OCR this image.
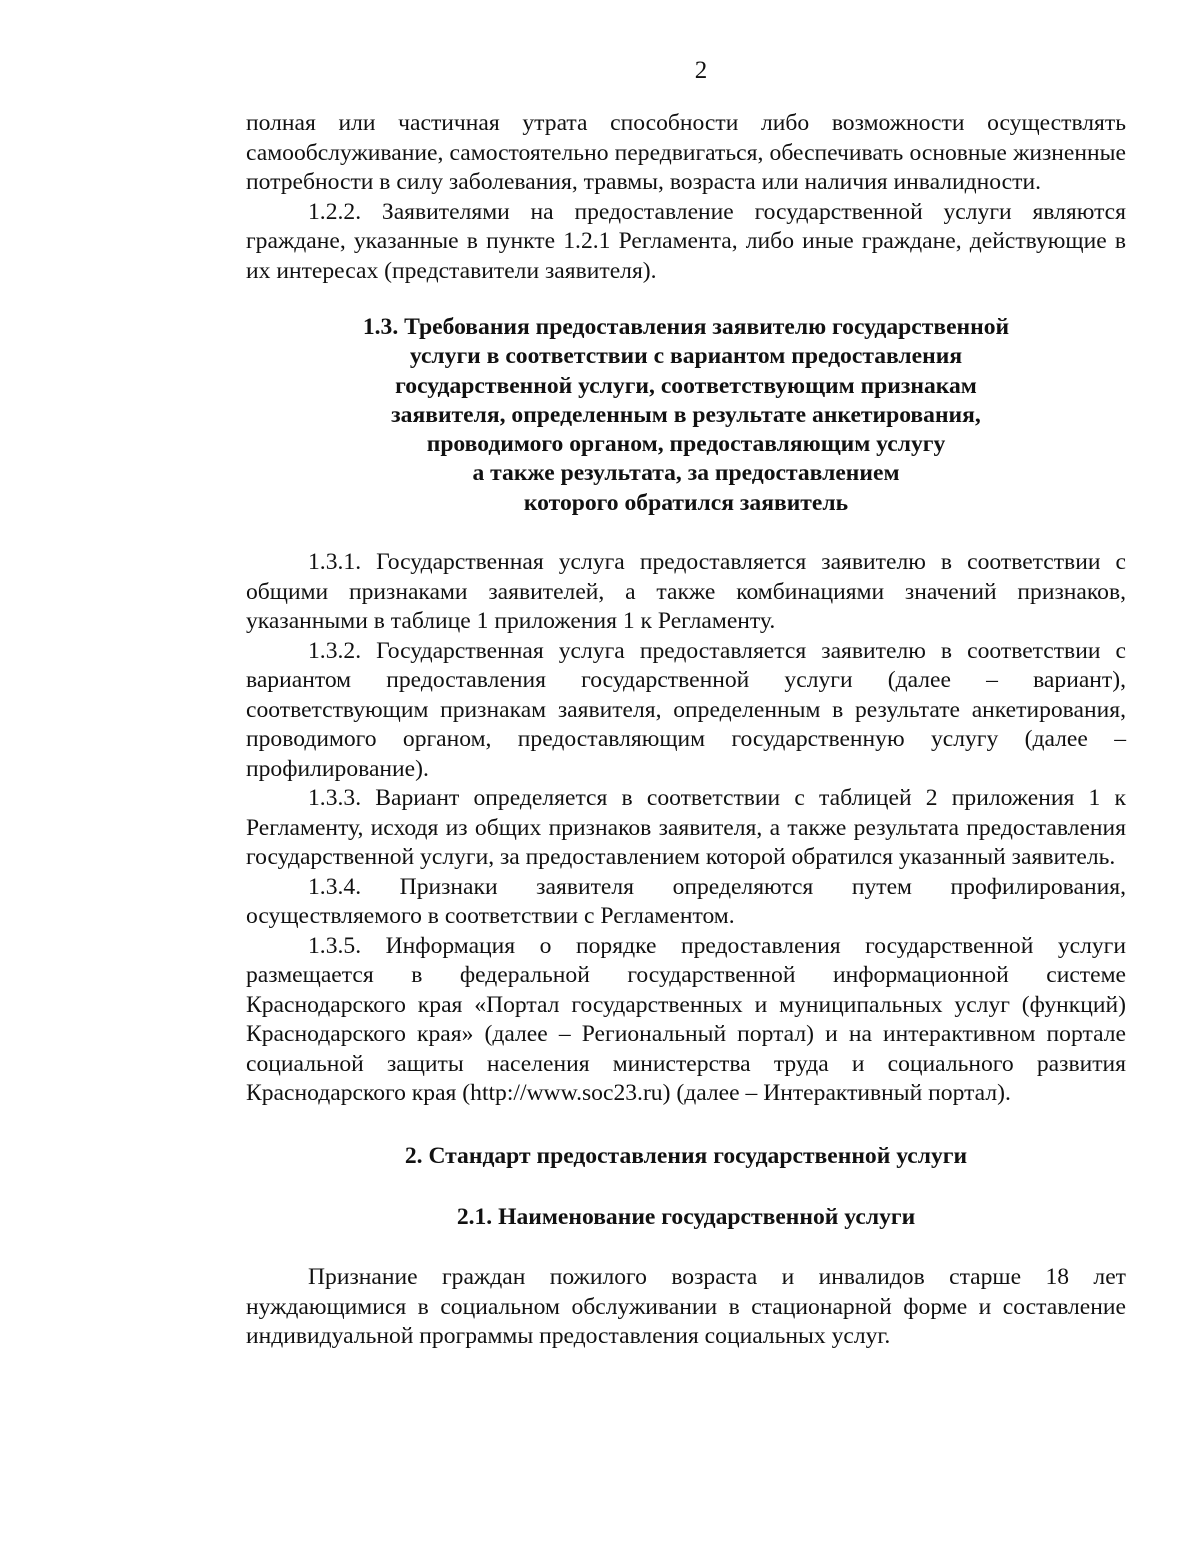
2

полная или частичная утрата способности либо возможности осуществлять самообслуживание, самостоятельно передвигаться, обеспечивать основные жизненные потребности в силу заболевания, травмы, возраста или наличия инвалидности.

1.2.2. Заявителями на предоставление государственной услуги являются граждане, указанные в пункте 1.2.1 Регламента, либо иные граждане, действующие в их интересах (представители заявителя).

1.3. Требования предоставления заявителю государственной
услуги в соответствии с вариантом предоставления
государственной услуги, соответствующим признакам
заявителя, определенным в результате анкетирования,
проводимого органом, предоставляющим услугу
а также результата, за предоставлением
которого обратился заявитель

1.3.1. Государственная услуга предоставляется заявителю в соответствии с общими признаками заявителей, а также комбинациями значений признаков, указанными в таблице 1 приложения 1 к Регламенту.

1.3.2. Государственная услуга предоставляется заявителю в соответствии с вариантом предоставления государственной услуги (далее – вариант), соответствующим признакам заявителя, определенным в результате анкетирования, проводимого органом, предоставляющим государственную услугу (далее – профилирование).

1.3.3. Вариант определяется в соответствии с таблицей 2 приложения 1 к Регламенту, исходя из общих признаков заявителя, а также результата предоставления государственной услуги, за предоставлением которой обратился указанный заявитель.

1.3.4. Признаки заявителя определяются путем профилирования, осуществляемого в соответствии с Регламентом.

1.3.5. Информация о порядке предоставления государственной услуги размещается в федеральной государственной информационной системе Краснодарского края «Портал государственных и муниципальных услуг (функций) Краснодарского края» (далее – Региональный портал) и на интерактивном портале социальной защиты населения министерства труда и социального развития Краснодарского края (http://www.soc23.ru) (далее – Интерактивный портал).

2. Стандарт предоставления государственной услуги
2.1. Наименование государственной услуги

Признание граждан пожилого возраста и инвалидов старше 18 лет нуждающимися в социальном обслуживании в стационарной форме и составление индивидуальной программы предоставления социальных услуг.
